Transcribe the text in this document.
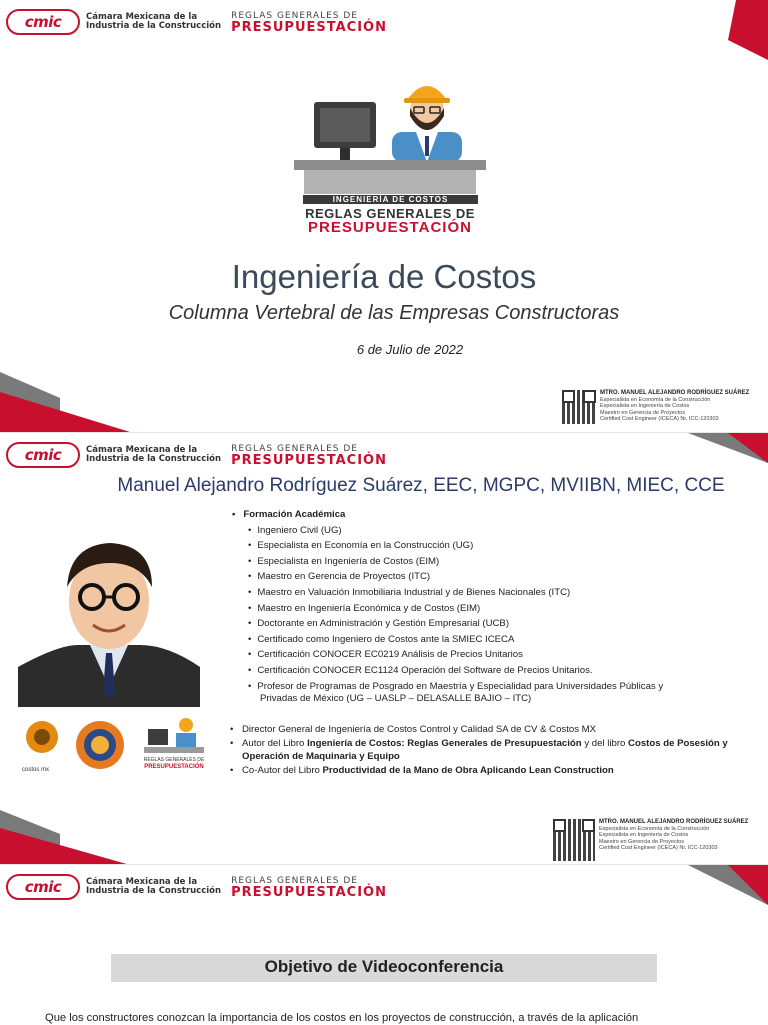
cmic	Cámara Mexicana de la
Industria de la Construcción
REGLAS GENERALES DE
PRESUPUESTACIÓN
INGENIERÍA DE COSTOS
REGLAS GENERALES DE
PRESUPUESTACIÓN
Ingeniería de Costos
Columna Vertebral de las Empresas Constructoras
6 de Julio de 2022
MTRO. MANUEL ALEJANDRO RODRÍGUEZ SUÁREZ
Especialista en Economía de la Construcción
Especialista en Ingeniería de Costos
Maestro en Gerencia de Proyectos
Certified Cost Engineer (ICECA) Nr. ICC-120303
cmic	Cámara Mexicana de la
Industria de la Construcción
REGLAS GENERALES DE
PRESUPUESTACIÓN
Manuel Alejandro Rodríguez Suárez, EEC, MGPC, MVIIBN, MIEC, CCE
• Formación Académica
• Ingeniero Civil (UG)
• Especialista en Economía en la Construcción (UG)
• Especialista en Ingeniería de Costos (EIM)
• Maestro en Gerencia de Proyectos (ITC)
• Maestro en Valuación Inmobiliaria Industrial y de Bienes Nacionales (ITC)
• Maestro en Ingeniería Económica y de Costos (EIM)
• Doctorante en Administración y Gestión Empresarial (UCB)
• Certificado como Ingeniero de Costos ante la SMIEC ICECA
• Certificación CONOCER EC0219 Análisis de Precios Unitarios
• Certificación CONOCER EC1124 Operación del Software de Precios Unitarios.
• Profesor de Programas de Posgrado en Maestría y Especialidad para Universidades Públicas y
Privadas de México (UG – UASLP – DELASALLE BAJIO – ITC)
REGLAS GENERALES DE
PRESUPUESTACIÓN
costos mx
• Director General de Ingeniería de Costos Control y Calidad SA de CV & Costos MX
• Autor del Libro Ingeniería de Costos: Reglas Generales de Presupuestación y del libro Costos de Posesión y Operación de Maquinaria y Equipo
• Co-Autor del Libro Productividad de la Mano de Obra Aplicando Lean Construction
MTRO. MANUEL ALEJANDRO RODRÍGUEZ SUÁREZ
Especialista en Economía de la Construcción
Especialista en Ingeniería de Costos
Maestro en Gerencia de Proyectos
Certified Cost Engineer (ICECA) Nr. ICC-120303
cmic	Cámara Mexicana de la
Industria de la Construcción
REGLAS GENERALES DE
PRESUPUESTACIÓN
Objetivo de Videoconferencia
Que los constructores conozcan la importancia de los costos en los proyectos de construcción, a través de la aplicación
